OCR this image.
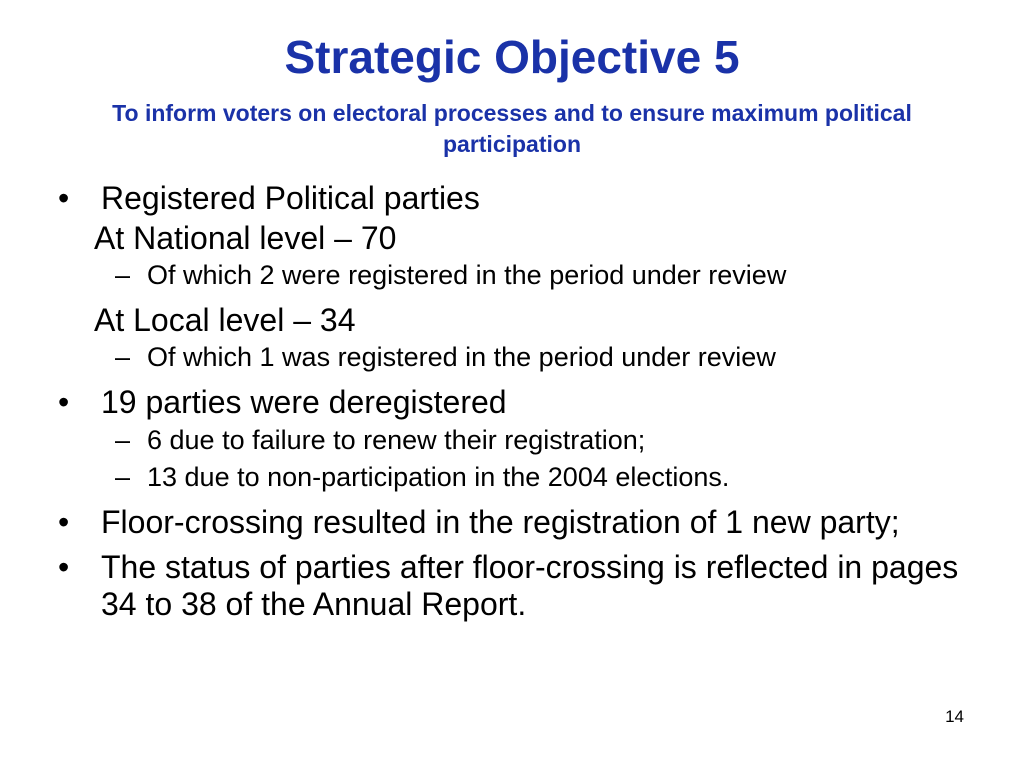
Strategic Objective 5
To inform voters on electoral processes and to ensure maximum political participation
• Registered Political parties
At National level – 70
– Of which 2 were registered in the period under review
At Local level – 34
– Of which 1 was registered in the period under review
• 19 parties were deregistered
– 6 due to failure to renew their registration;
– 13 due to non-participation in the 2004 elections.
• Floor-crossing resulted in the registration of 1 new party;
• The status of parties after floor-crossing is reflected in pages 34 to 38 of the Annual Report.
14
